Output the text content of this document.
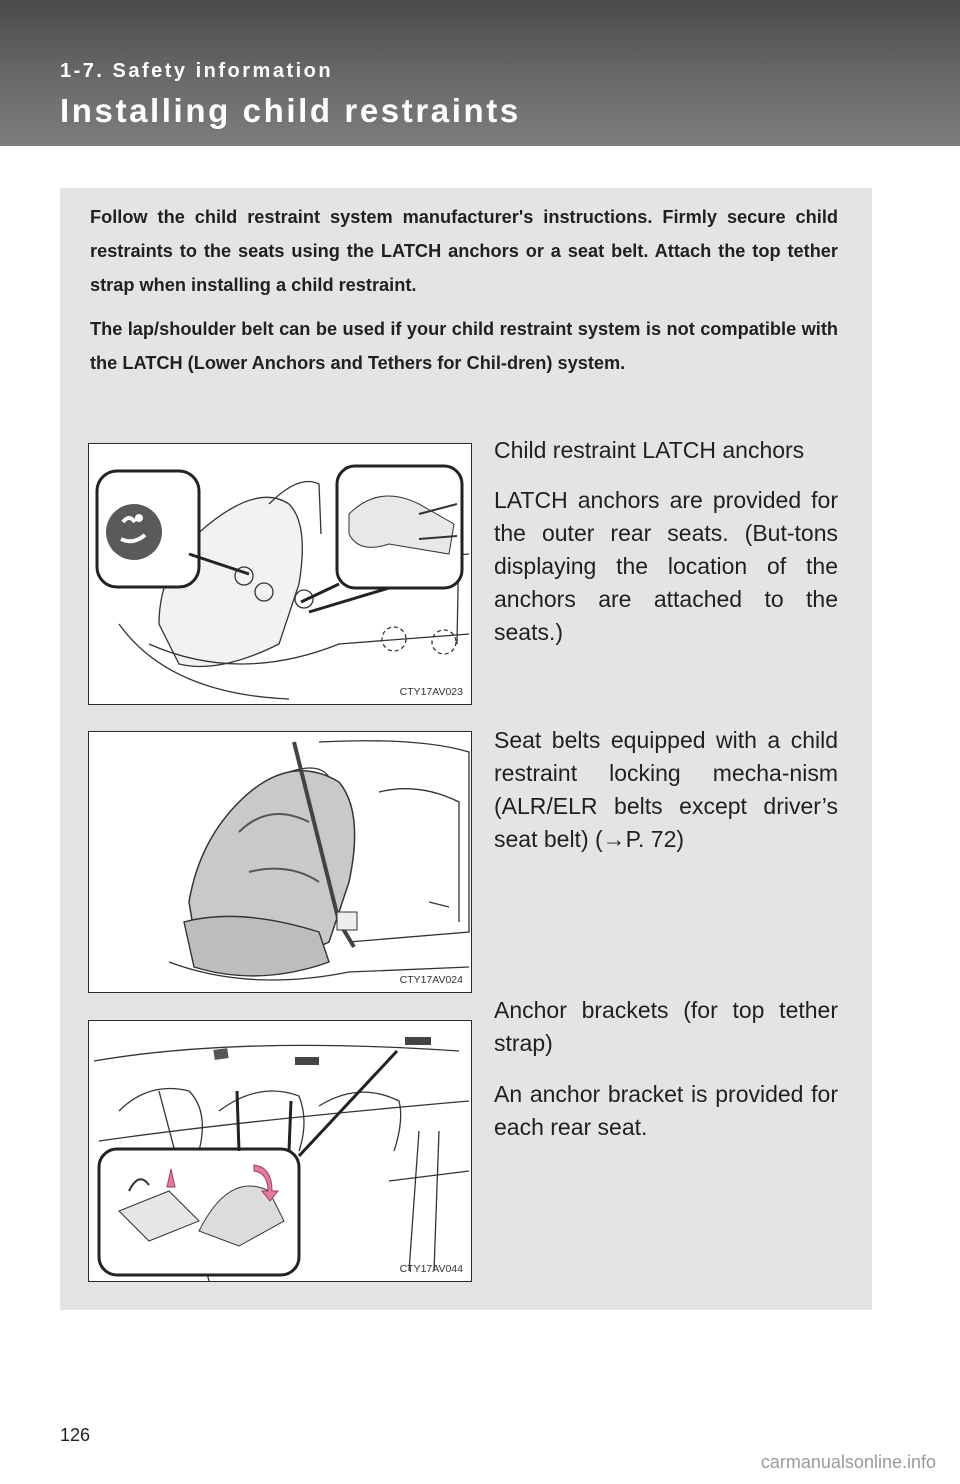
1-7. Safety information
Installing child restraints

Follow the child restraint system manufacturer's instructions. Firmly secure child restraints to the seats using the LATCH anchors or a seat belt. Attach the top tether strap when installing a child restraint.

The lap/shoulder belt can be used if your child restraint system is not compatible with the LATCH (Lower Anchors and Tethers for Chil-dren) system.

CTY17AV023
Child restraint LATCH anchors

LATCH anchors are provided for the outer rear seats. (But-tons displaying the location of the anchors are attached to the seats.)

CTY17AV024

Seat belts equipped with a child restraint locking mecha-nism (ALR/ELR belts except driver’s seat belt) (→P. 72)

CTY17AV044
Anchor brackets (for top tether strap)

An anchor bracket is provided for each rear seat.

126
carmanualsonline.info
